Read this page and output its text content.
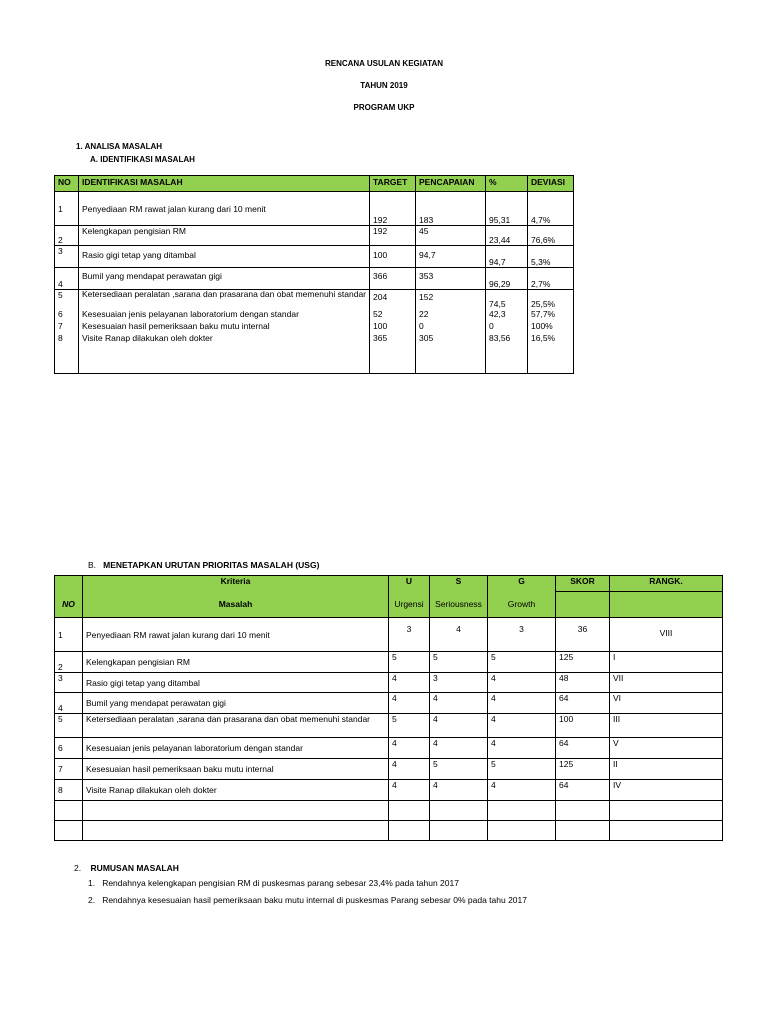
RENCANA USULAN KEGIATAN
TAHUN 2019
PROGRAM UKP
1. ANALISA MASALAH
A. IDENTIFIKASI MASALAH
NO	IDENTIFIKASI MASALAH	TARGET	PENCAPAIAN	%	DEVIASI
1	Penyediaan RM rawat jalan kurang dari 10 menit	192	183	95,31	4,7%
2	Kelengkapan pengisian RM	192	45	23,44	76,6%
3	Rasio gigi tetap yang ditambal	100	94,7	94,7	5,3%
4	Bumil yang mendapat perawatan gigi	366	353	96,29	2,7%
5	Ketersediaan peralatan ,sarana dan prasarana dan obat memenuhi standar	204	152	74,5	25,5%
6	Kesesuaian jenis pelayanan laboratorium dengan standar	52	22	42,3	57,7%
7	Kesesuaian hasil pemeriksaan baku mutu internal	100	0	0	100%
8	Visite Ranap dilakukan oleh dokter	365	305	83,56	16,5%
B. MENETAPKAN URUTAN PRIORITAS MASALAH (USG)
	Kriteria	U	S	G	SKOR	RANGK.
NO	Masalah	Urgensi	Seriousness	Growth		
1	Penyediaan RM rawat jalan kurang dari 10 menit	3	4	3	36	VIII
2	Kelengkapan pengisian RM	5	5	5	125	I
3	Rasio gigi tetap yang ditambal	4	3	4	48	VII
4	Bumil yang mendapat perawatan gigi	4	4	4	64	VI
5	Ketersediaan peralatan ,sarana dan prasarana dan obat memenuhi standar	5	4	4	100	III
6	Kesesuaian jenis pelayanan laboratorium dengan standar	4	4	4	64	V
7	Kesesuaian hasil pemeriksaan baku mutu internal	4	5	5	125	II
8	Visite Ranap dilakukan oleh dokter	4	4	4	64	IV

2. RUMUSAN MASALAH
1. Rendahnya kelengkapan pengisian RM di puskesmas parang sebesar 23,4% pada tahun 2017
2. Rendahnya kesesuaian hasil pemeriksaan baku mutu internal di puskesmas Parang sebesar 0% pada tahu 2017
